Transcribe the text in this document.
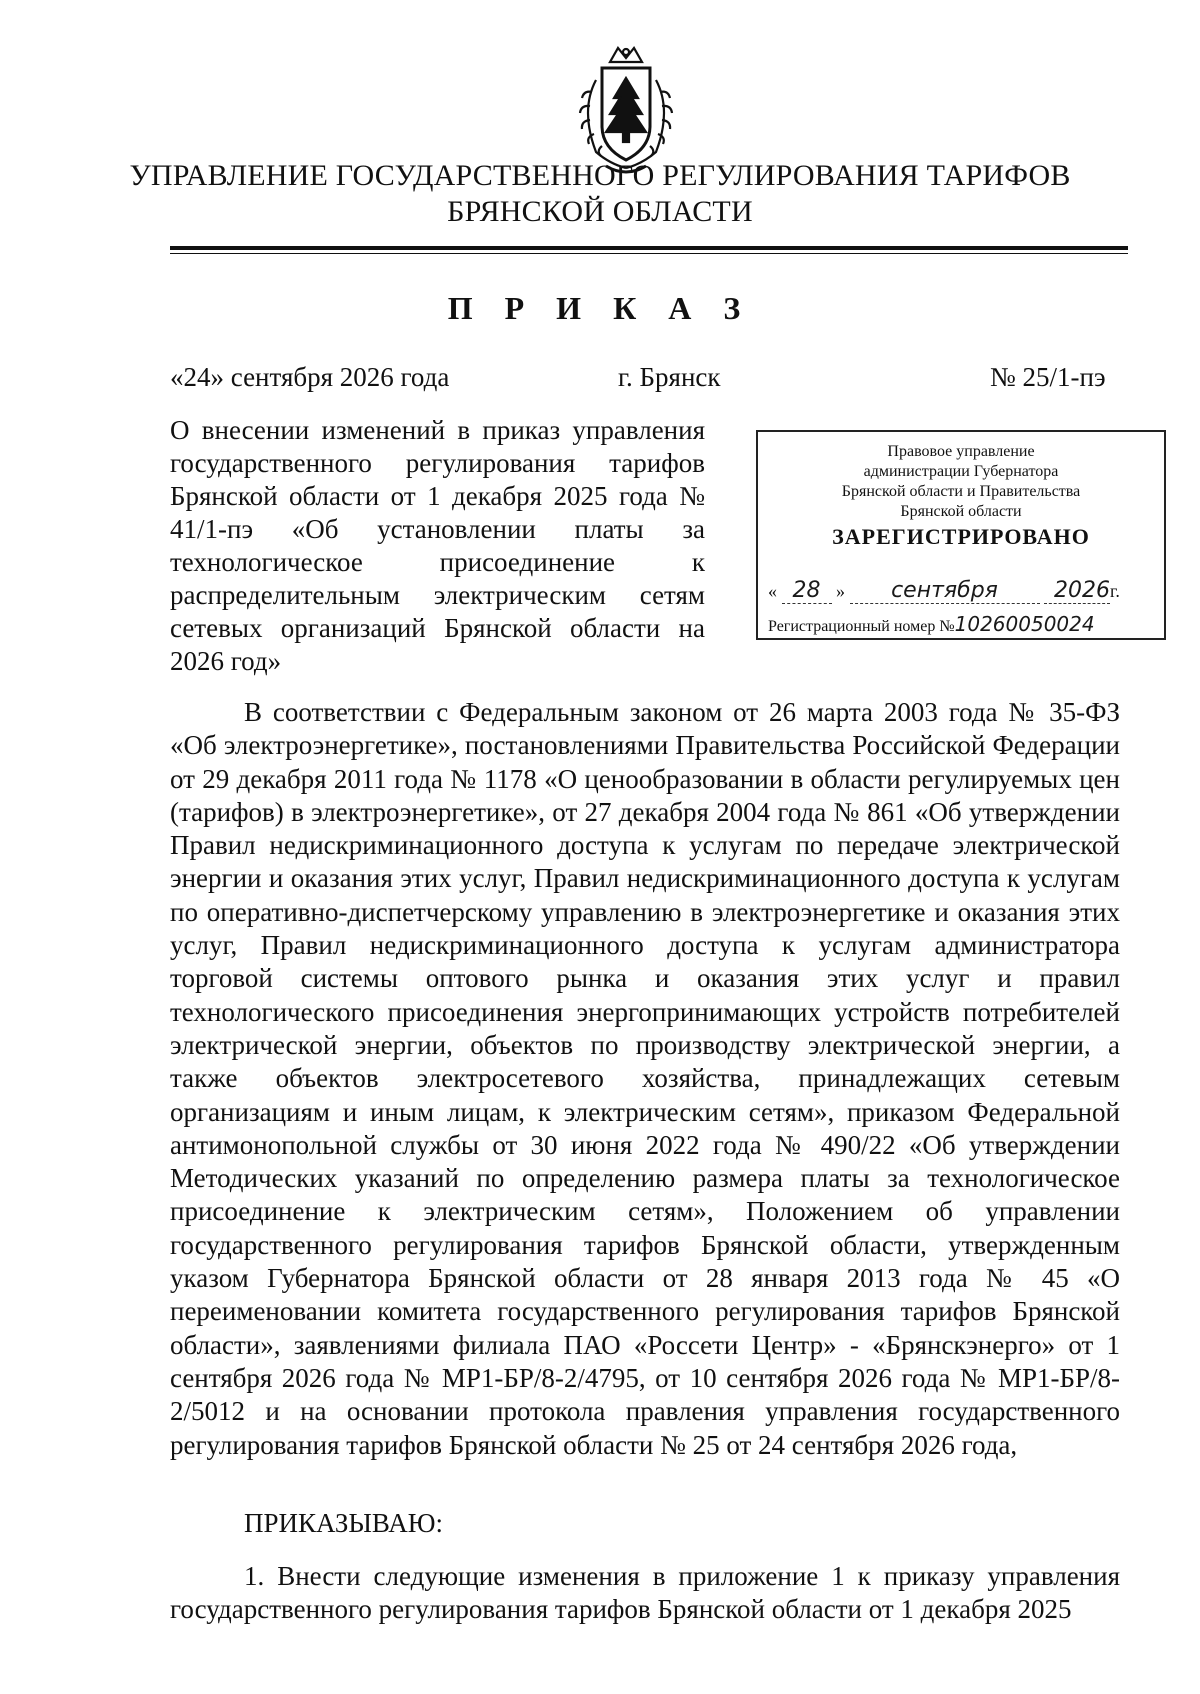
УПРАВЛЕНИЕ ГОСУДАРСТВЕННОГО РЕГУЛИРОВАНИЯ ТАРИФОВ
БРЯНСКОЙ ОБЛАСТИ
П Р И К А З
«24» сентября 2026 года	г. Брянск	№ 25/1-пэ
О внесении изменений в приказ управления государственного регулирования тарифов Брянской области от 1 декабря 2025 года № 41/1-пэ «Об установлении платы за технологическое присоединение к распределительным электрическим сетям сетевых организаций Брянской области на 2026 год»
Правовое управление
администрации Губернатора
Брянской области и Правительства
Брянской области
ЗАРЕГИСТРИРОВАНО
« 28 » сентября	2026г.
Регистрационный номер №10260050024

В соответствии с Федеральным законом от 26 марта 2003 года № 35-ФЗ «Об электроэнергетике», постановлениями Правительства Российской Федерации от 29 декабря 2011 года № 1178 «О ценообразовании в области регулируемых цен (тарифов) в электроэнергетике», от 27 декабря 2004 года № 861 «Об утверждении Правил недискриминационного доступа к услугам по передаче электрической энергии и оказания этих услуг, Правил недискриминационного доступа к услугам по оперативно-диспетчерскому управлению в электроэнергетике и оказания этих услуг, Правил недискриминационного доступа к услугам администратора торговой системы оптового рынка и оказания этих услуг и правил технологического присоединения энергопринимающих устройств потребителей электрической энергии, объектов по производству электрической энергии, а также объектов электросетевого хозяйства, принадлежащих сетевым организациям и иным лицам, к электрическим сетям», приказом Федеральной антимонопольной службы от 30 июня 2022 года № 490/22 «Об утверждении Методических указаний по определению размера платы за технологическое присоединение к электрическим сетям», Положением об управлении государственного регулирования тарифов Брянской области, утвержденным указом Губернатора Брянской области от 28 января 2013 года № 45 «О переименовании комитета государственного регулирования тарифов Брянской области», заявлениями филиала ПАО «Россети Центр» - «Брянскэнерго» от 1 сентября 2026 года № МР1-БР/8-2/4795, от 10 сентября 2026 года № МР1-БР/8-2/5012 и на основании протокола правления управления государственного регулирования тарифов Брянской области № 25 от 24 сентября 2026 года,

ПРИКАЗЫВАЮ:

1. Внести следующие изменения в приложение 1 к приказу управления государственного регулирования тарифов Брянской области от 1 декабря 2025
